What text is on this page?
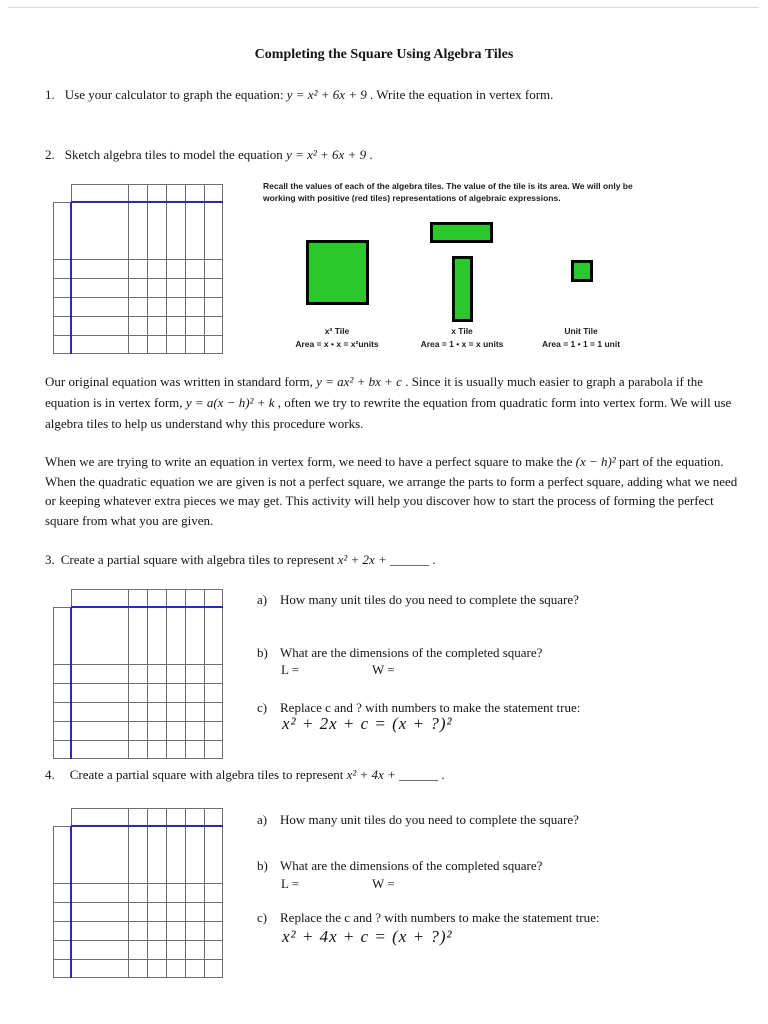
Completing the Square Using Algebra Tiles
1. Use your calculator to graph the equation: y = x² + 6x + 9 . Write the equation in vertex form.
2. Sketch algebra tiles to model the equation y = x² + 6x + 9 .
Recall the values of each of the algebra tiles. The value of the tile is its area. We will only be working with positive (red tiles) representations of algebraic expressions.
x² Tile
Area = x • x = x²units
x Tile
Area = 1 • x = x units
Unit Tile
Area = 1 • 1 = 1 unit
Our original equation was written in standard form, y = ax² + bx + c . Since it is usually much easier to graph a parabola if the equation is in vertex form, y = a(x − h)² + k , often we try to rewrite the equation from quadratic form into vertex form. We will use algebra tiles to help us understand why this procedure works.
When we are trying to write an equation in vertex form, we need to have a perfect square to make the (x − h)² part of the equation. When the quadratic equation we are given is not a perfect square, we arrange the parts to form a perfect square, adding what we need or keeping whatever extra pieces we may get. This activity will help you discover how to start the process of forming the perfect square from what you are given.
3. Create a partial square with algebra tiles to represent x² + 2x + ______ .
a) How many unit tiles do you need to complete the square?
b) What are the dimensions of the completed square?
L =	W =
c) Replace c and ? with numbers to make the statement true:
x² + 2x + c = (x + ?)²
4. Create a partial square with algebra tiles to represent x² + 4x + ______ .
a) How many unit tiles do you need to complete the square?
b) What are the dimensions of the completed square?
L =	W =
c) Replace the c and ? with numbers to make the statement true:
x² + 4x + c = (x + ?)²
